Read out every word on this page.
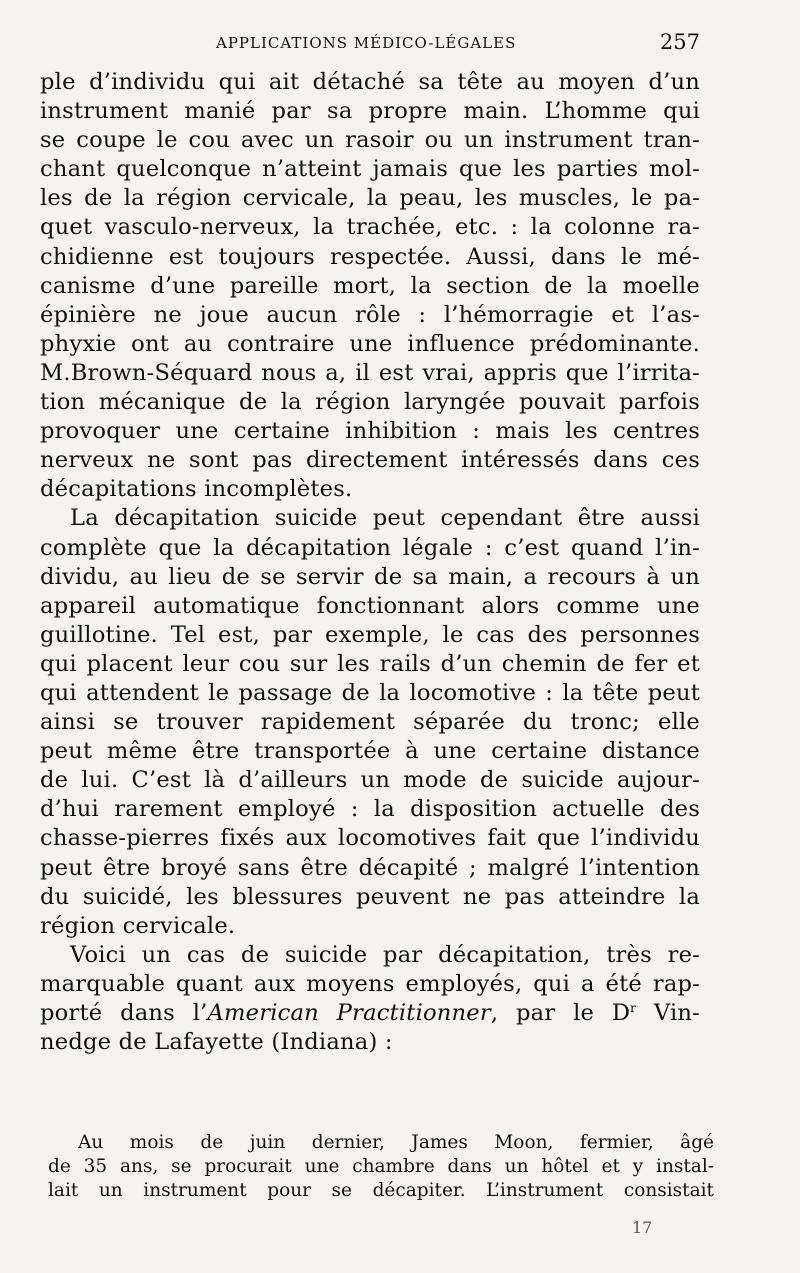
APPLICATIONS MÉDICO-LÉGALES	257
ple d’individu qui ait détaché sa tête au moyen d’un
instrument manié par sa propre main. L’homme qui
se coupe le cou avec un rasoir ou un instrument tran-
chant quelconque n’atteint jamais que les parties mol-
les de la région cervicale, la peau, les muscles, le pa-
quet vasculo-nerveux, la trachée, etc. : la colonne ra-
chidienne est toujours respectée. Aussi, dans le mé-
canisme d’une pareille mort, la section de la moelle
épinière ne joue aucun rôle : l’hémorragie et l’as-
phyxie ont au contraire une influence prédominante.
M.Brown-Séquard nous a, il est vrai, appris que l’irrita-
tion mécanique de la région laryngée pouvait parfois
provoquer une certaine inhibition : mais les centres
nerveux ne sont pas directement intéressés dans ces
décapitations incomplètes.
La décapitation suicide peut cependant être aussi
complète que la décapitation légale : c’est quand l’in-
dividu, au lieu de se servir de sa main, a recours à un
appareil automatique fonctionnant alors comme une
guillotine. Tel est, par exemple, le cas des personnes
qui placent leur cou sur les rails d’un chemin de fer et
qui attendent le passage de la locomotive : la tête peut
ainsi se trouver rapidement séparée du tronc; elle
peut même être transportée à une certaine distance
de lui. C’est là d’ailleurs un mode de suicide aujour-
d’hui rarement employé : la disposition actuelle des
chasse-pierres fixés aux locomotives fait que l’individu
peut être broyé sans être décapité ; malgré l’intention
du suicidé, les blessures peuvent ne pas atteindre la
région cervicale.
Voici un cas de suicide par décapitation, très re-
marquable quant aux moyens employés, qui a été rap-
porté dans l’American Practitionner, par le $D^r$ Vin-
nedge de Lafayette (Indiana) :
Au mois de juin dernier, James Moon, fermier, âgé
de 35 ans, se procurait une chambre dans un hôtel et y instal-
lait un instrument pour se décapiter. L’instrument consistait
17
